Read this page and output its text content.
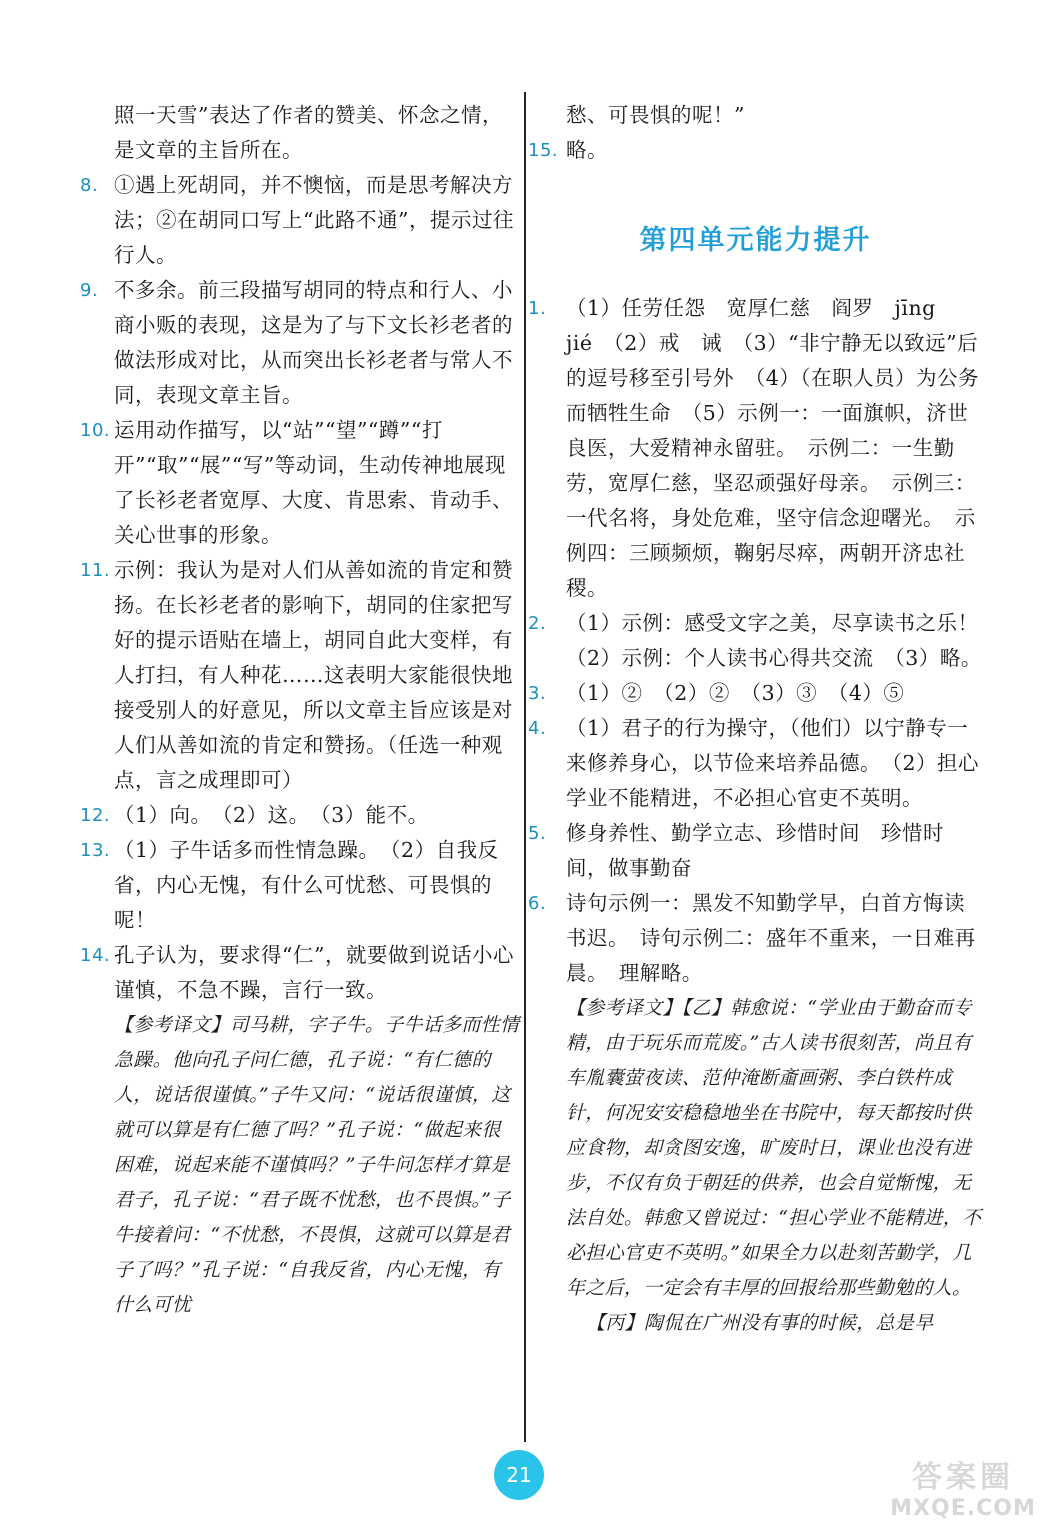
照一天雪”表达了作者的赞美、怀念之情，是文章的主旨所在。
8. ①遇上死胡同，并不懊恼，而是思考解决方法；②在胡同口写上“此路不通”，提示过往行人。
9. 不多余。前三段描写胡同的特点和行人、小商小贩的表现，这是为了与下文长衫老者的做法形成对比，从而突出长衫老者与常人不同，表现文章主旨。
10. 运用动作描写，以“站”“望”“蹲”“打开”“取”“展”“写”等动词，生动传神地展现了长衫老者宽厚、大度、肯思索、肯动手、关心世事的形象。
11. 示例：我认为是对人们从善如流的肯定和赞扬。在长衫老者的影响下，胡同的住家把写好的提示语贴在墙上，胡同自此大变样，有人打扫，有人种花……这表明大家能很快地接受别人的好意见，所以文章主旨应该是对人们从善如流的肯定和赞扬。（任选一种观点，言之成理即可）
12. （1）向。　（2）这。　（3）能不。
13. （1）子牛话多而性情急躁。　（2）自我反省，内心无愧，有什么可忧愁、可畏惧的呢！
14. 孔子认为，要求得“仁”，就要做到说话小心谨慎，不急不躁，言行一致。
【参考译文】司马耕，字子牛。子牛话多而性情急躁。他向孔子问仁德，孔子说：“有仁德的人，说话很谨慎。”子牛又问：“说话很谨慎，这就可以算是有仁德了吗？”孔子说：“做起来很困难，说起来能不谨慎吗？”子牛问怎样才算是君子，孔子说：“君子既不忧愁，也不畏惧。”子牛接着问：“不忧愁，不畏惧，这就可以算是君子了吗？”孔子说：“自我反省，内心无愧，有什么可忧
愁、可畏惧的呢！”
15. 略。
第四单元能力提升
1. （1）任劳任怨　宽厚仁慈　阎罗　jīng　jié　（2）戒　诫　（3）“非宁静无以致远”后的逗号移至引号外　（4）（在职人员）为公务而牺牲生命　（5）示例一：一面旗帜，济世良医，大爱精神永留驻。　示例二：一生勤劳，宽厚仁慈，坚忍顽强好母亲。　示例三：一代名将，身处危难，坚守信念迎曙光。　示例四：三顾频烦，鞠躬尽瘁，两朝开济忠社稷。
2. （1）示例：感受文字之美，尽享读书之乐！（2）示例：个人读书心得共交流　（3）略。
3. （1）②　（2）②　（3）③　（4）⑤
4. （1）君子的行为操守，（他们）以宁静专一来修养身心，以节俭来培养品德。　（2）担心学业不能精进，不必担心官吏不英明。
5. 修身养性、勤学立志、珍惜时间　珍惜时间，做事勤奋
6. 诗句示例一：黑发不知勤学早，白首方悔读书迟。　诗句示例二：盛年不重来，一日难再晨。　理解略。
【参考译文】【乙】韩愈说：“学业由于勤奋而专精，由于玩乐而荒废。”古人读书很刻苦，尚且有车胤囊萤夜读、范仲淹断齑画粥、李白铁杵成针，何况安安稳稳地坐在书院中，每天都按时供应食物，却贪图安逸，旷废时日，课业也没有进步，不仅有负于朝廷的供养，也会自觉惭愧，无法自处。韩愈又曾说过：“担心学业不能精进，不必担心官吏不英明。”如果全力以赴刻苦勤学，几年之后，一定会有丰厚的回报给那些勤勉的人。
【丙】陶侃在广州没有事的时候，总是早
21	答案圈
MXQE.COM
